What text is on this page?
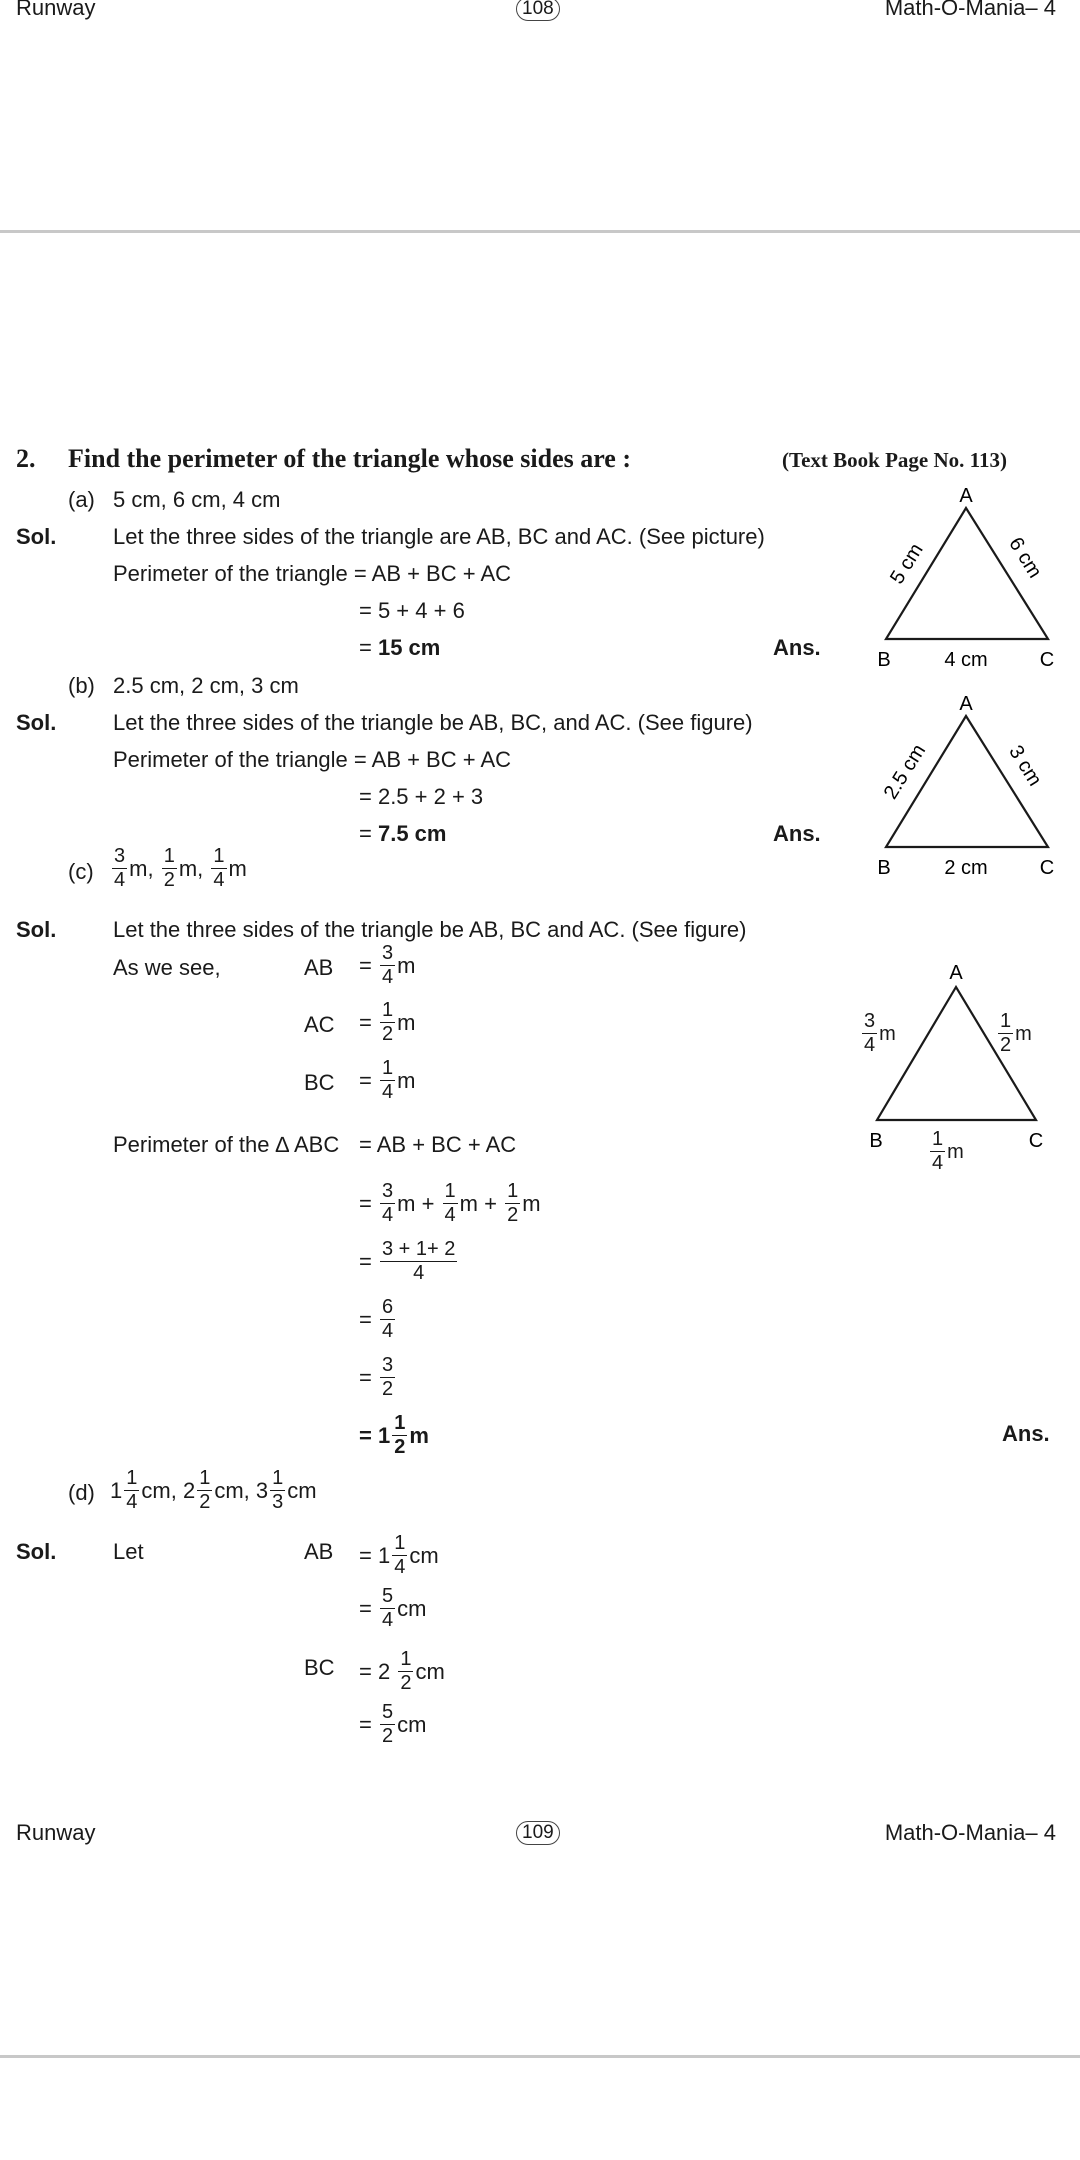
Runway	108	Math-O-Mania– 4
2. Find the perimeter of the triangle whose sides are :	(Text Book Page No. 113)
(a) 5 cm, 6 cm, 4 cm
Sol.	Let the three sides of the triangle are AB, BC and AC. (See picture)
Perimeter of the triangle = AB + BC + AC
= 5 + 4 + 6
= 15 cm	Ans.
A
B	C
5 cm	6 cm
4 cm
(b) 2.5 cm, 2 cm, 3 cm
Sol.	Let the three sides of the triangle be AB, BC, and AC. (See figure)
Perimeter of the triangle = AB + BC + AC
= 2.5 + 2 + 3
= 7.5 cm	Ans.
A
B	C
2.5 cm	3 cm
2 cm
$(c) \frac{3}{4}$ m ,
$\frac{1}{2}$ m ,
$\frac{1}{4}$ m
Sol.	Let the three sides of the triangle be AB, BC and AC. (See figure)
As we see,	AB =
$\frac{3}{4}$ m
AC =
$\frac{1}{2}$ m
BC =
$\frac{1}{4}$ m
Perimeter of the ∆ ABC = AB + BC + AC
=
$\frac{3}{4}$ m
+
$\frac{1}{4}$ m
+
$\frac{1}{2}$ m
=
$\frac{3 + 1+ 2}{4}$
=
$\frac{6}{4}$
=
$\frac{3}{2}$
=
$1 \frac{1}{2}$ m	Ans.
A
B	C
$\frac{3}{4}$ m	$\frac{1}{2}$ m
$\frac{1}{4}$ m
(d) $1 \frac{1}{4}$ cm , $2 \frac{1}{2}$ cm , $3 \frac{1}{3}$ cm
Sol.	Let	AB =
$1 \frac{1}{4}$ cm
=
$\frac{5}{4}$ cm
BC =
2
$\frac{1}{2}$ cm
=
$\frac{5}{2}$ cm
Runway	109	Math-O-Mania– 4
